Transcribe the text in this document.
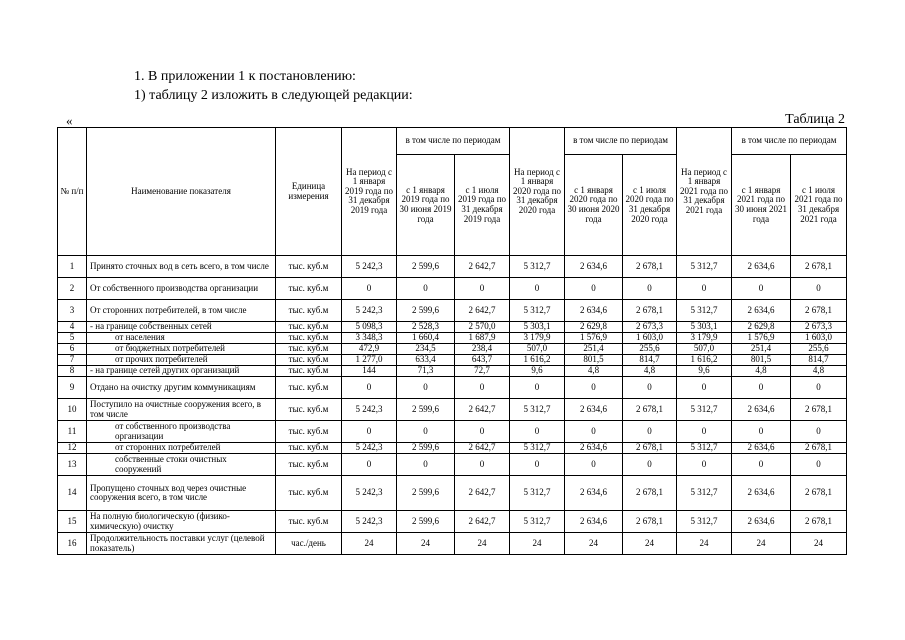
1. В приложении 1 к постановлению:
1) таблицу 2 изложить в следующей редакции:
«	Таблица 2
№ п/п	Наименование показателя	Единица измерения	На период с 1 января 2019 года по 31 декабря 2019 года	в том числе по периодам		На период с 1 января 2020 года по 31 декабря 2020 года	в том числе по периодам		На период с 1 января 2021 года по 31 декабря 2021 года	в том числе по периодам	
				с 1 января 2019 года по 30 июня 2019 года	с 1 июля 2019 года по 31 декабря 2019 года		с 1 января 2020 года по 30 июня 2020 года	с 1 июля 2020 года по 31 декабря 2020 года		с 1 января 2021 года по 30 июня 2021 года	с 1 июля 2021 года по 31 декабря 2021 года
1	Принято сточных вод в сеть всего, в том числе	тыс. куб.м	5 242,3	2 599,6	2 642,7	5 312,7	2 634,6	2 678,1	5 312,7	2 634,6	2 678,1
2	От собственного производства организации	тыс. куб.м	0	0	0	0	0	0	0	0	0
3	От сторонних потребителей, в том числе	тыс. куб.м	5 242,3	2 599,6	2 642,7	5 312,7	2 634,6	2 678,1	5 312,7	2 634,6	2 678,1
4	- на границе собственных сетей	тыс. куб.м	5 098,3	2 528,3	2 570,0	5 303,1	2 629,8	2 673,3	5 303,1	2 629,8	2 673,3
5	от населения	тыс. куб.м	3 348,3	1 660,4	1 687,9	3 179,9	1 576,9	1 603,0	3 179,9	1 576,9	1 603,0
6	от бюджетных потребителей	тыс. куб.м	472,9	234,5	238,4	507,0	251,4	255,6	507,0	251,4	255,6
7	от прочих потребителей	тыс. куб.м	1 277,0	633,4	643,7	1 616,2	801,5	814,7	1 616,2	801,5	814,7
8	- на границе сетей других организаций	тыс. куб.м	144	71,3	72,7	9,6	4,8	4,8	9,6	4,8	4,8
9	Отдано на очистку другим коммуникациям	тыс. куб.м	0	0	0	0	0	0	0	0	0
10	Поступило на очистные сооружения всего, в том числе	тыс. куб.м	5 242,3	2 599,6	2 642,7	5 312,7	2 634,6	2 678,1	5 312,7	2 634,6	2 678,1
11	от собственного производства организации	тыс. куб.м	0	0	0	0	0	0	0	0	0
12	от сторонних потребителей	тыс. куб.м	5 242,3	2 599,6	2 642,7	5 312,7	2 634,6	2 678,1	5 312,7	2 634,6	2 678,1
13	собственные стоки очистных сооружений	тыс. куб.м	0	0	0	0	0	0	0	0	0
14	Пропущено сточных вод через очистные сооружения всего, в том числе	тыс. куб.м	5 242,3	2 599,6	2 642,7	5 312,7	2 634,6	2 678,1	5 312,7	2 634,6	2 678,1
15	На полную биологическую (физико-химическую) очистку	тыс. куб.м	5 242,3	2 599,6	2 642,7	5 312,7	2 634,6	2 678,1	5 312,7	2 634,6	2 678,1
16	Продолжительность поставки услуг (целевой показатель)	час./день	24	24	24	24	24	24	24	24	24
